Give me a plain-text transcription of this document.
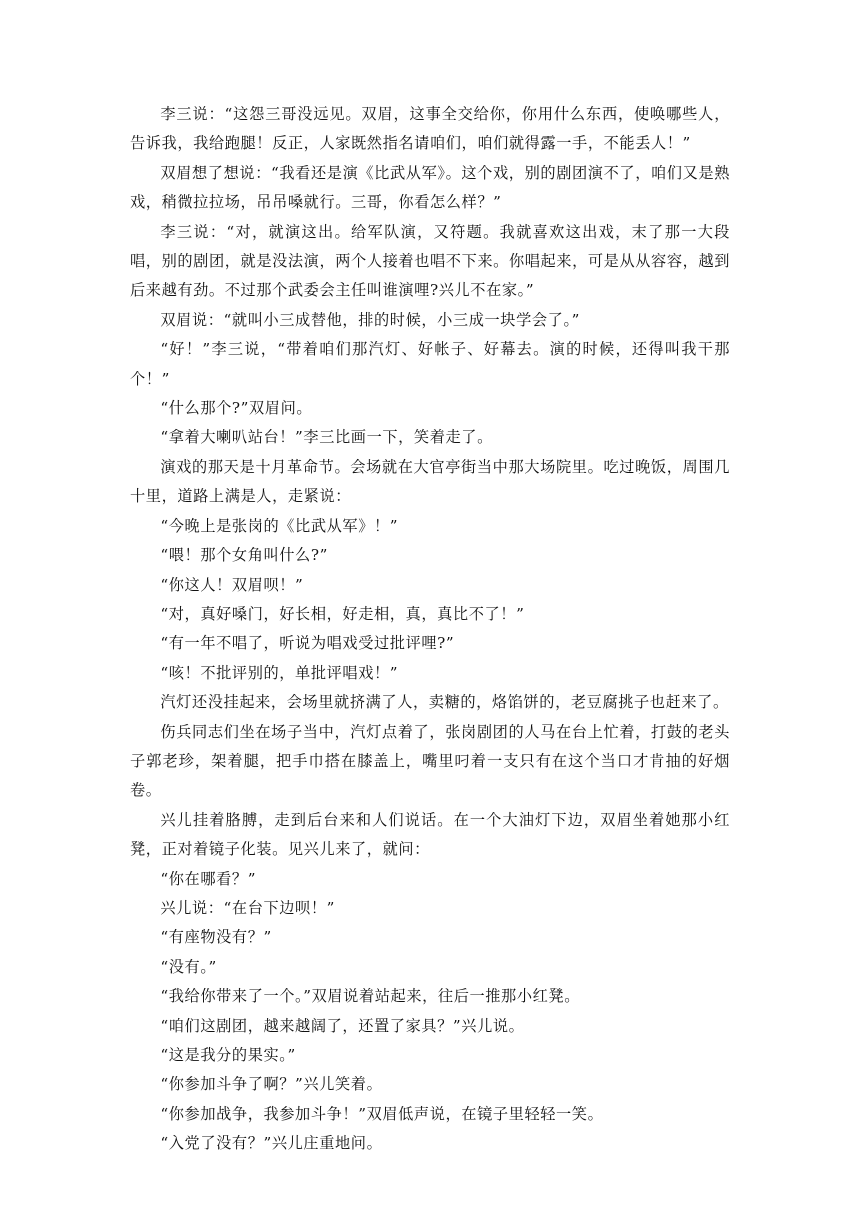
李三说：“这怨三哥没远见。双眉，这事全交给你，你用什么东西，使唤哪些人，告诉我，我给跑腿！反正，人家既然指名请咱们，咱们就得露一手，不能丢人！”

双眉想了想说：“我看还是演《比武从军》。这个戏，别的剧团演不了，咱们又是熟戏，稍微拉拉场，吊吊嗓就行。三哥，你看怎么样？”

李三说：“对，就演这出。给军队演，又符题。我就喜欢这出戏，末了那一大段唱，别的剧团，就是没法演，两个人接着也唱不下来。你唱起来，可是从从容容，越到后来越有劲。不过那个武委会主任叫谁演哩?兴儿不在家。”

双眉说：“就叫小三成替他，排的时候，小三成一块学会了。”

“好！”李三说，“带着咱们那汽灯、好帐子、好幕去。演的时候，还得叫我干那个！”

“什么那个?”双眉问。

“拿着大喇叭站台！”李三比画一下，笑着走了。

演戏的那天是十月革命节。会场就在大官亭街当中那大场院里。吃过晚饭，周围几十里，道路上满是人，走紧说：

“今晚上是张岗的《比武从军》！”

“喂！那个女角叫什么?”

“你这人！双眉呗！”

“对，真好嗓门，好长相，好走相，真，真比不了！”

“有一年不唱了，听说为唱戏受过批评哩?”

“咳！不批评别的，单批评唱戏！”

汽灯还没挂起来，会场里就挤满了人，卖糖的，烙馅饼的，老豆腐挑子也赶来了。

伤兵同志们坐在场子当中，汽灯点着了，张岗剧团的人马在台上忙着，打鼓的老头子郭老珍，架着腿，把手巾搭在膝盖上，嘴里叼着一支只有在这个当口才肯抽的好烟卷。

兴儿挂着胳膊，走到后台来和人们说话。在一个大油灯下边，双眉坐着她那小红凳，正对着镜子化装。见兴儿来了，就问：

“你在哪看？”

兴儿说：“在台下边呗！”

“有座物没有？”

“没有。”

“我给你带来了一个。”双眉说着站起来，往后一推那小红凳。

“咱们这剧团，越来越阔了，还置了家具？”兴儿说。

“这是我分的果实。”

“你参加斗争了啊？”兴儿笑着。

“你参加战争，我参加斗争！”双眉低声说，在镜子里轻轻一笑。

“入党了没有？”兴儿庄重地问。
